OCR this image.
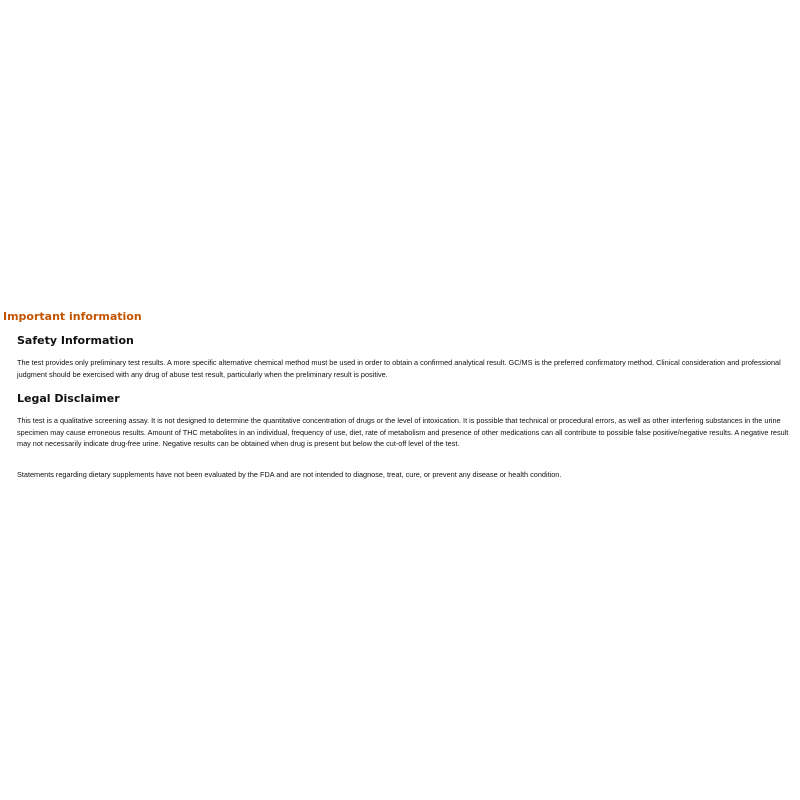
Important information
Safety Information

The test provides only preliminary test results. A more specific alternative chemical method must be used in order to obtain a confirmed analytical result. GC/MS is the preferred confirmatory method. Clinical consideration and professional judgment should be exercised with any drug of abuse test result, particularly when the preliminary result is positive.

Legal Disclaimer

This test is a qualitative screening assay. It is not designed to determine the quantitative concentration of drugs or the level of intoxication. It is possible that technical or procedural errors, as well as other interfering substances in the urine specimen may cause erroneous results. Amount of THC metabolites in an individual, frequency of use, diet, rate of metabolism and presence of other medications can all contribute to possible false positive/negative results. A negative result may not necessarily indicate drug-free urine. Negative results can be obtained when drug is present but below the cut-off level of the test.

Statements regarding dietary supplements have not been evaluated by the FDA and are not intended to diagnose, treat, cure, or prevent any disease or health condition.
